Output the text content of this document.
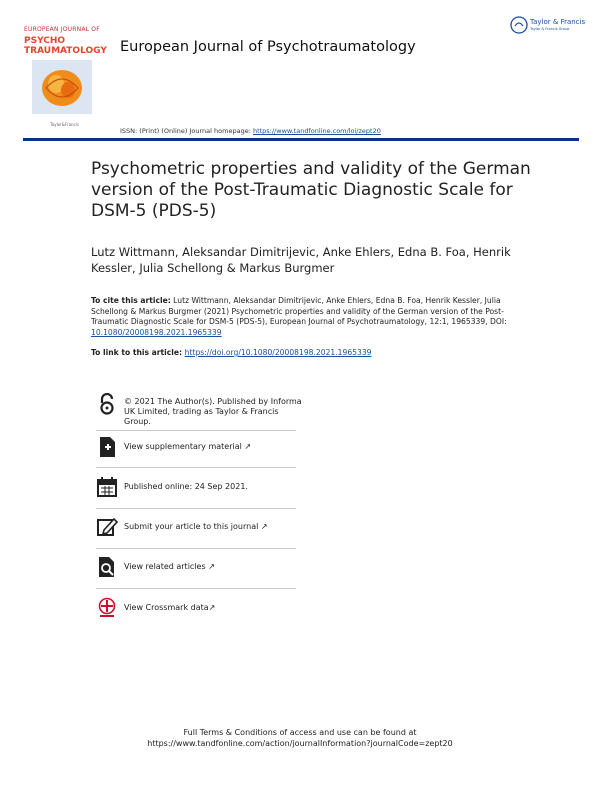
EUROPEAN JOURNAL OF
PSYCHO
TRAUMATOLOGY European Journal of Psychotraumatology
Taylor & Francis
Taylor & Francis Group
Taylor&Francis
ISSN: (Print) (Online) Journal homepage: https://www.tandfonline.com/loi/zept20
Psychometric properties and validity of the German version of the Post-Traumatic Diagnostic Scale for DSM-5 (PDS-5)
Lutz Wittmann, Aleksandar Dimitrijevic, Anke Ehlers, Edna B. Foa, Henrik Kessler, Julia Schellong & Markus Burgmer
To cite this article: Lutz Wittmann, Aleksandar Dimitrijevic, Anke Ehlers, Edna B. Foa, Henrik Kessler, Julia Schellong & Markus Burgmer (2021) Psychometric properties and validity of the German version of the Post-Traumatic Diagnostic Scale for DSM-5 (PDS-5), European Journal of Psychotraumatology, 12:1, 1965339, DOI: 10.1080/20008198.2021.1965339
To link to this article: https://doi.org/10.1080/20008198.2021.1965339
© 2021 The Author(s). Published by Informa UK Limited, trading as Taylor & Francis Group.
View supplementary material ↗
Published online: 24 Sep 2021.
Submit your article to this journal ↗
View related articles ↗
View Crossmark data↗
Full Terms & Conditions of access and use can be found at
https://www.tandfonline.com/action/journalInformation?journalCode=zept20
